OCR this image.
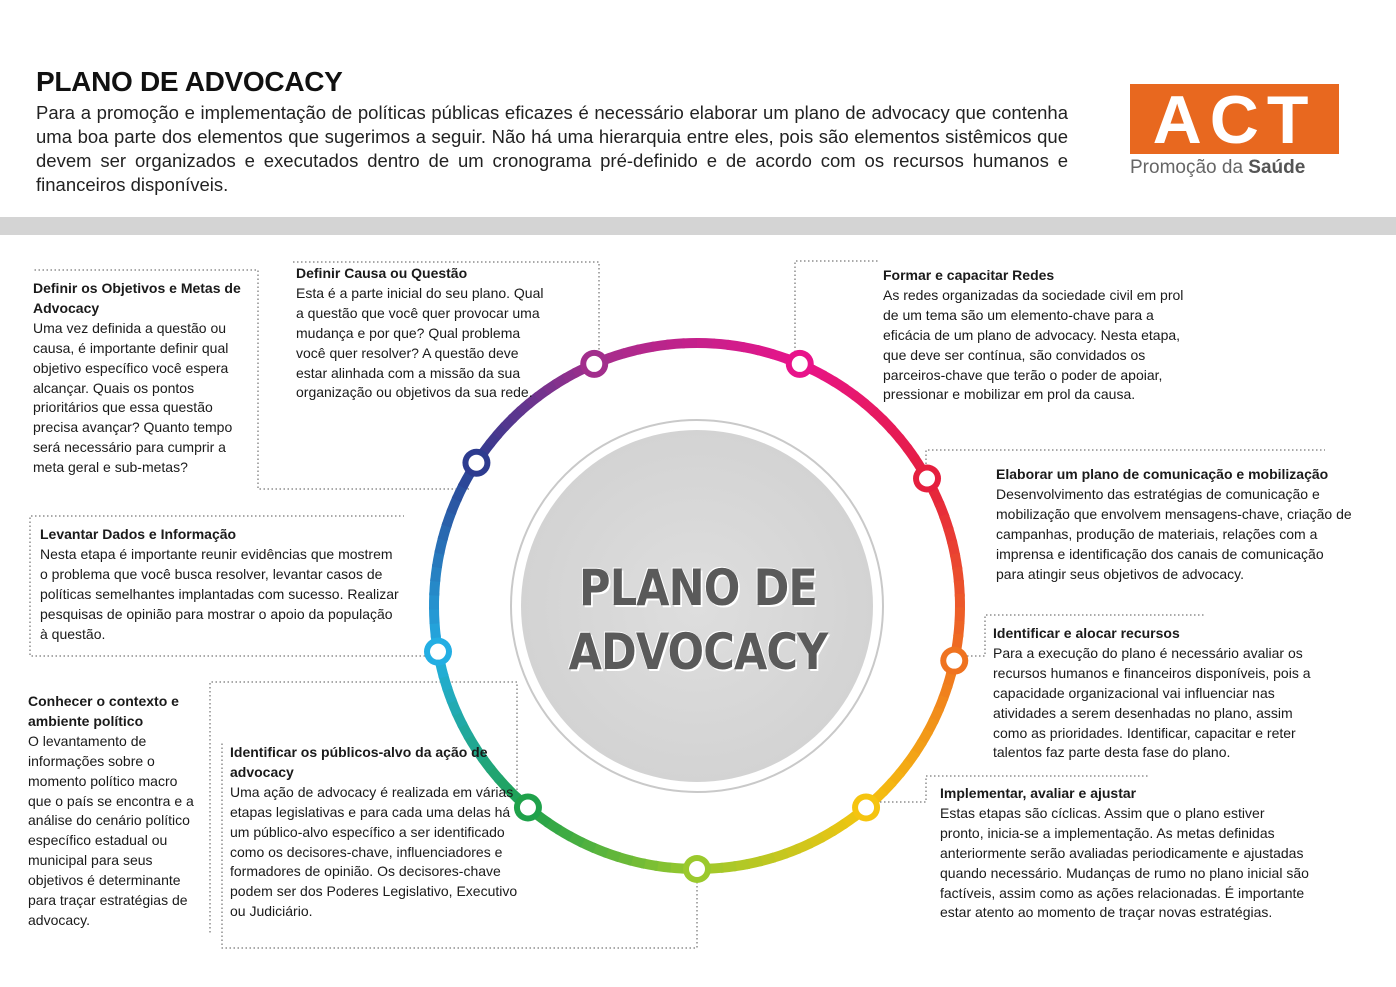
PLANO DE ADVOCACY

Para a promoção e implementação de políticas públicas eficazes é necessário elaborar um plano de advocacy que contenha uma boa parte dos elementos que sugerimos a seguir. Não há uma hierarquia entre eles, pois são elementos sistêmicos que devem ser organizados e executados dentro de um cronograma pré-definido e de acordo com os recursos humanos e financeiros disponíveis.

ACT
Promoção da Saúde
PLANO DE
ADVOCACY
Definir Causa ou Questão
Esta é a parte inicial do seu plano. Qual a questão que você quer provocar uma mudança e por que? Qual problema você quer resolver? A questão deve estar alinhada com a missão da sua organização ou objetivos da sua rede.
Formar e capacitar Redes
As redes organizadas da sociedade civil em prol de um tema são um elemento-chave para a eficácia de um plano de advocacy. Nesta etapa, que deve ser contínua, são convidados os parceiros-chave que terão o poder de apoiar, pressionar e mobilizar em prol da causa.
Elaborar um plano de comunicação e mobilização
Desenvolvimento das estratégias de comunicação e mobilização que envolvem mensagens-chave, criação de campanhas, produção de materiais, relações com a imprensa e identificação dos canais de comunicação para atingir seus objetivos de advocacy.
Identificar e alocar recursos
Para a execução do plano é necessário avaliar os recursos humanos e financeiros disponíveis, pois a capacidade organizacional vai influenciar nas atividades a serem desenhadas no plano, assim como as prioridades. Identificar, capacitar e reter talentos faz parte desta fase do plano.
Implementar, avaliar e ajustar
Estas etapas são cíclicas. Assim que o plano estiver pronto, inicia-se a implementação. As metas definidas anteriormente serão avaliadas periodicamente e ajustadas quando necessário. Mudanças de rumo no plano inicial são factíveis, assim como as ações relacionadas. É importante estar atento ao momento de traçar novas estratégias.
Identificar os públicos-alvo da ação de advocacy
Uma ação de advocacy é realizada em várias etapas legislativas e para cada uma delas há um público-alvo específico a ser identificado como os decisores-chave, influenciadores e formadores de opinião. Os decisores-chave podem ser dos Poderes Legislativo, Executivo ou Judiciário.
Conhecer o contexto e ambiente político
O levantamento de informações sobre o momento político macro que o país se encontra e a análise do cenário político específico estadual ou municipal para seus objetivos é determinante para traçar estratégias de advocacy.
Levantar Dados e Informação
Nesta etapa é importante reunir evidências que mostrem o problema que você busca resolver, levantar casos de políticas semelhantes implantadas com sucesso. Realizar pesquisas de opinião para mostrar o apoio da população à questão.
Definir os Objetivos e Metas de Advocacy
Uma vez definida a questão ou causa, é importante definir qual objetivo específico você espera alcançar. Quais os pontos prioritários que essa questão precisa avançar? Quanto tempo será necessário para cumprir a meta geral e sub-metas?
